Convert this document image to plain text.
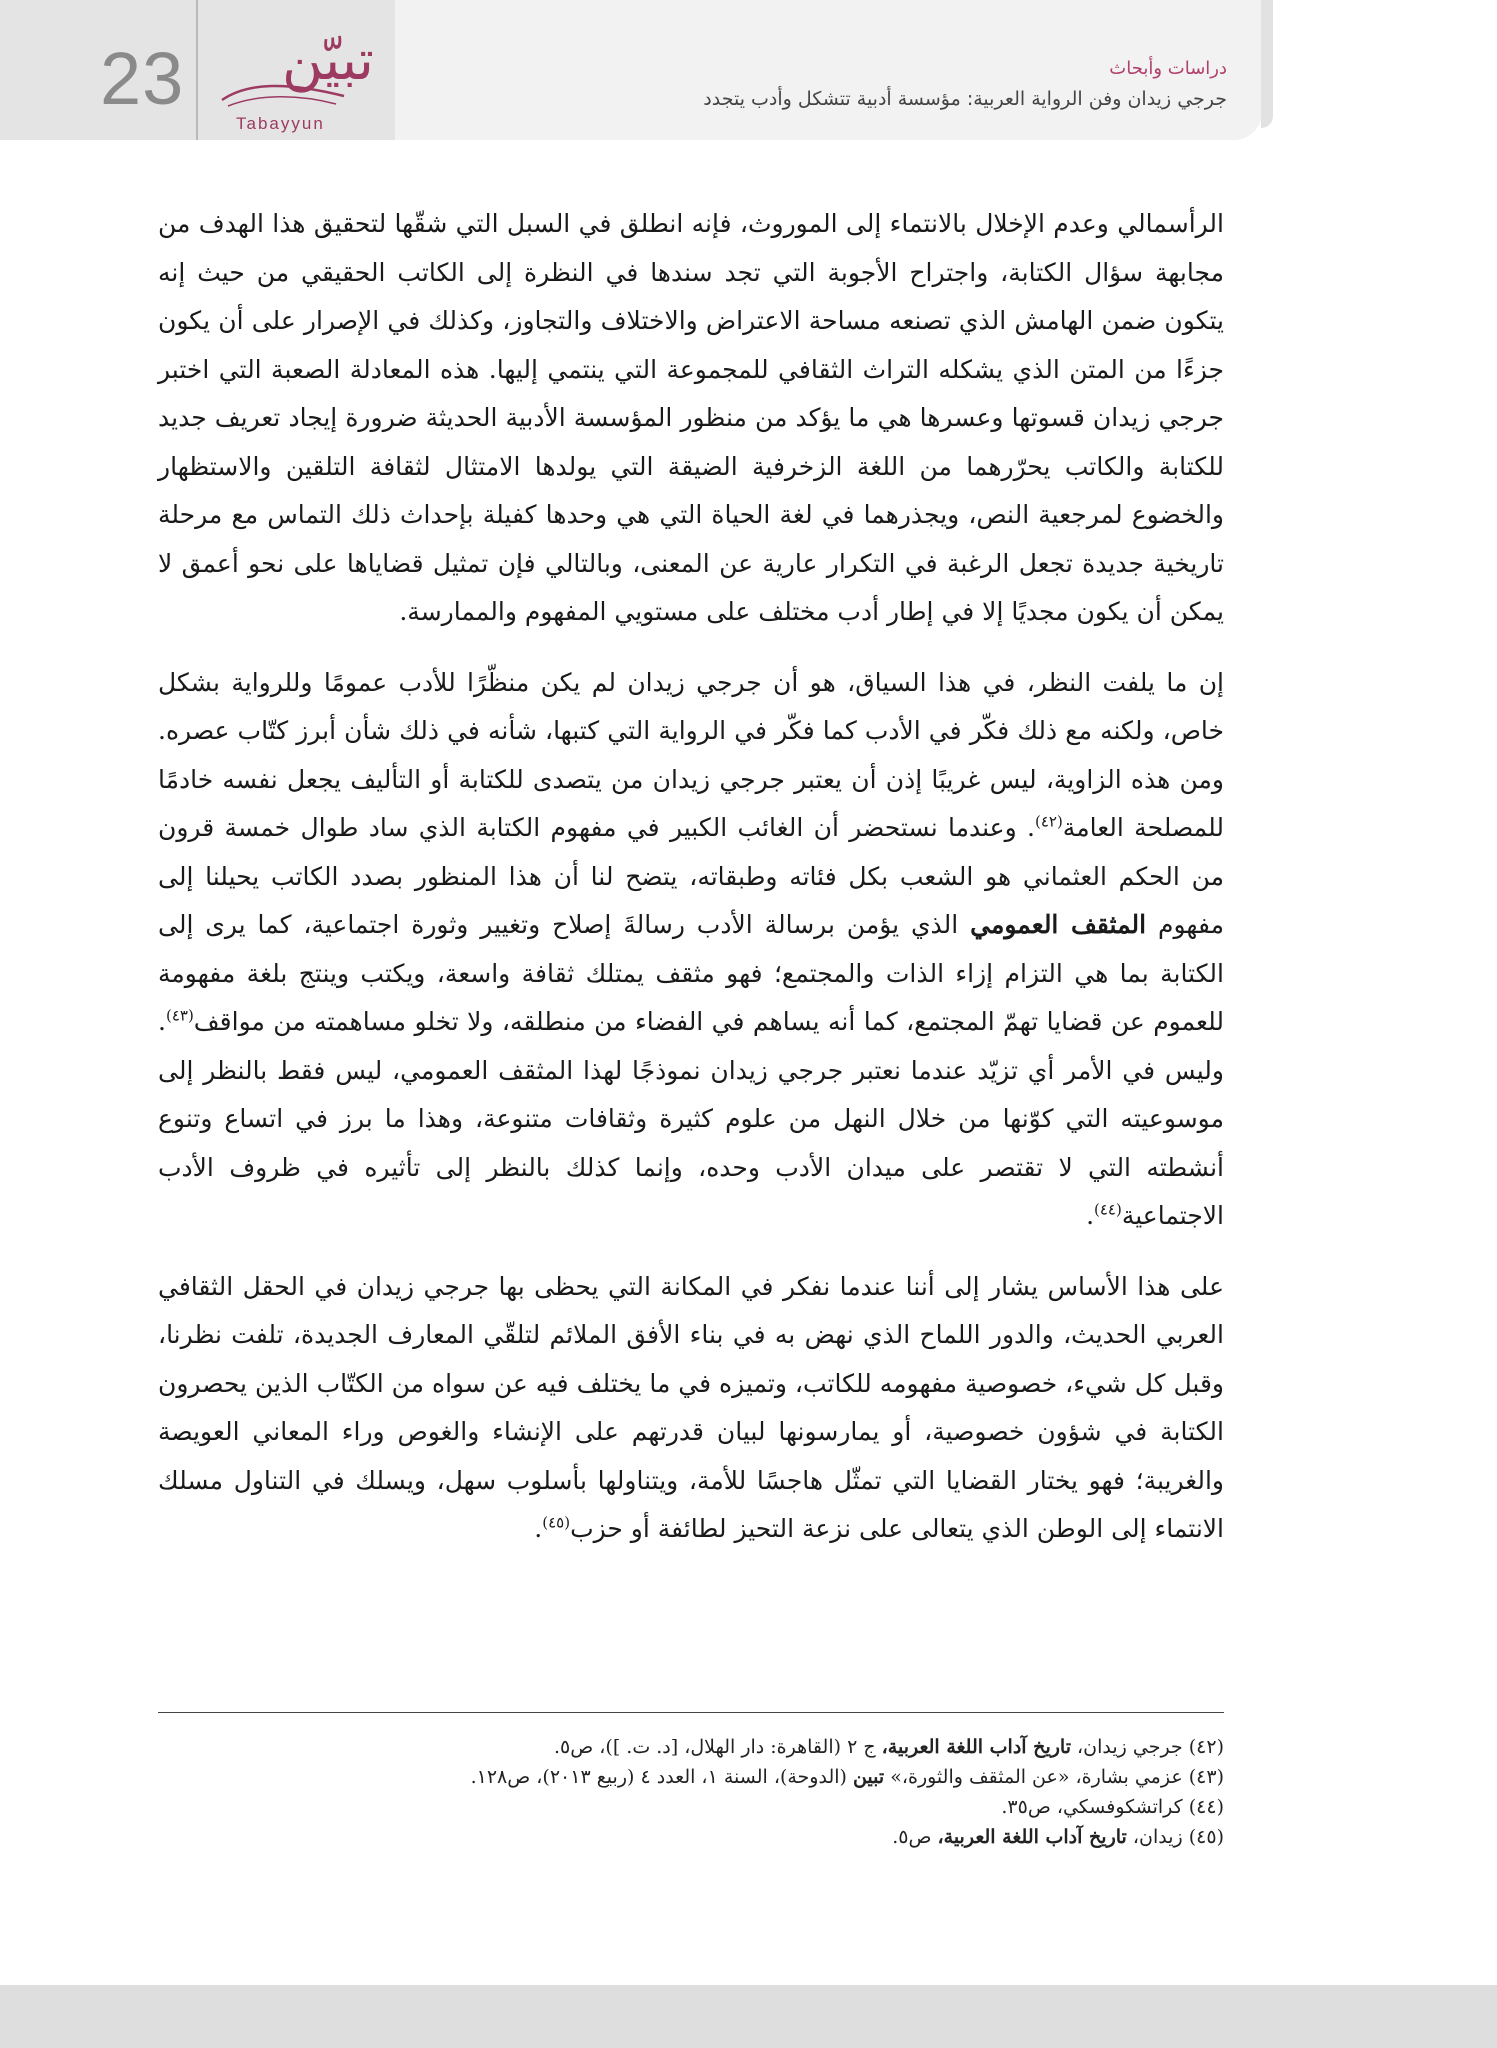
23 تبيّن
Tabayyun
دراسات وأبحاث
جرجي زيدان وفن الرواية العربية: مؤسسة أدبية تتشكل وأدب يتجدد

الرأسمالي وعدم الإخلال بالانتماء إلى الموروث، فإنه انطلق في السبل التي شقّها لتحقيق هذا الهدف من مجابهة سؤال الكتابة، واجتراح الأجوبة التي تجد سندها في النظرة إلى الكاتب الحقيقي من حيث إنه يتكون ضمن الهامش الذي تصنعه مساحة الاعتراض والاختلاف والتجاوز، وكذلك في الإصرار على أن يكون جزءًا من المتن الذي يشكله التراث الثقافي للمجموعة التي ينتمي إليها. هذه المعادلة الصعبة التي اختبر جرجي زيدان قسوتها وعسرها هي ما يؤكد من منظور المؤسسة الأدبية الحديثة ضرورة إيجاد تعريف جديد للكتابة والكاتب يحرّرهما من اللغة الزخرفية الضيقة التي يولدها الامتثال لثقافة التلقين والاستظهار والخضوع لمرجعية النص، ويجذرهما في لغة الحياة التي هي وحدها كفيلة بإحداث ذلك التماس مع مرحلة تاريخية جديدة تجعل الرغبة في التكرار عارية عن المعنى، وبالتالي فإن تمثيل قضاياها على نحو أعمق لا يمكن أن يكون مجديًا إلا في إطار أدب مختلف على مستويي المفهوم والممارسة.

إن ما يلفت النظر، في هذا السياق، هو أن جرجي زيدان لم يكن منظّرًا للأدب عمومًا وللرواية بشكل خاص، ولكنه مع ذلك فكّر في الأدب كما فكّر في الرواية التي كتبها، شأنه في ذلك شأن أبرز كتّاب عصره. ومن هذه الزاوية، ليس غريبًا إذن أن يعتبر جرجي زيدان من يتصدى للكتابة أو التأليف يجعل نفسه خادمًا للمصلحة العامة$^{(٤٢)}$. وعندما نستحضر أن الغائب الكبير في مفهوم الكتابة الذي ساد طوال خمسة قرون من الحكم العثماني هو الشعب بكل فئاته وطبقاته، يتضح لنا أن هذا المنظور بصدد الكاتب يحيلنا إلى مفهوم المثقف العمومي الذي يؤمن برسالة الأدب رسالةَ إصلاح وتغيير وثورة اجتماعية، كما يرى إلى الكتابة بما هي التزام إزاء الذات والمجتمع؛ فهو مثقف يمتلك ثقافة واسعة، ويكتب وينتج بلغة مفهومة للعموم عن قضايا تهمّ المجتمع، كما أنه يساهم في الفضاء من منطلقه، ولا تخلو مساهمته من مواقف$^{(٤٣)}$. وليس في الأمر أي تزيّد عندما نعتبر جرجي زيدان نموذجًا لهذا المثقف العمومي، ليس فقط بالنظر إلى موسوعيته التي كوّنها من خلال النهل من علوم كثيرة وثقافات متنوعة، وهذا ما برز في اتساع وتنوع أنشطته التي لا تقتصر على ميدان الأدب وحده، وإنما كذلك بالنظر إلى تأثيره في ظروف الأدب الاجتماعية$^{(٤٤)}$.

على هذا الأساس يشار إلى أننا عندما نفكر في المكانة التي يحظى بها جرجي زيدان في الحقل الثقافي العربي الحديث، والدور اللماح الذي نهض به في بناء الأفق الملائم لتلقّي المعارف الجديدة، تلفت نظرنا، وقبل كل شيء، خصوصية مفهومه للكاتب، وتميزه في ما يختلف فيه عن سواه من الكتّاب الذين يحصرون الكتابة في شؤون خصوصية، أو يمارسونها لبيان قدرتهم على الإنشاء والغوص وراء المعاني العويصة والغريبة؛ فهو يختار القضايا التي تمثّل هاجسًا للأمة، ويتناولها بأسلوب سهل، ويسلك في التناول مسلك الانتماء إلى الوطن الذي يتعالى على نزعة التحيز لطائفة أو حزب$^{(٤٥)}$.

(٤٢) جرجي زيدان، تاريخ آداب اللغة العربية، ج ٢ (القاهرة: دار الهلال، [د. ت. ])، ص٥.

(٤٣) عزمي بشارة، «عن المثقف والثورة،» تبين (الدوحة)، السنة ١، العدد ٤ (ربيع ٢٠١٣)، ص١٢٨.

(٤٤) كراتشكوفسكي، ص٣٥.

(٤٥) زيدان، تاريخ آداب اللغة العربية، ص٥.
